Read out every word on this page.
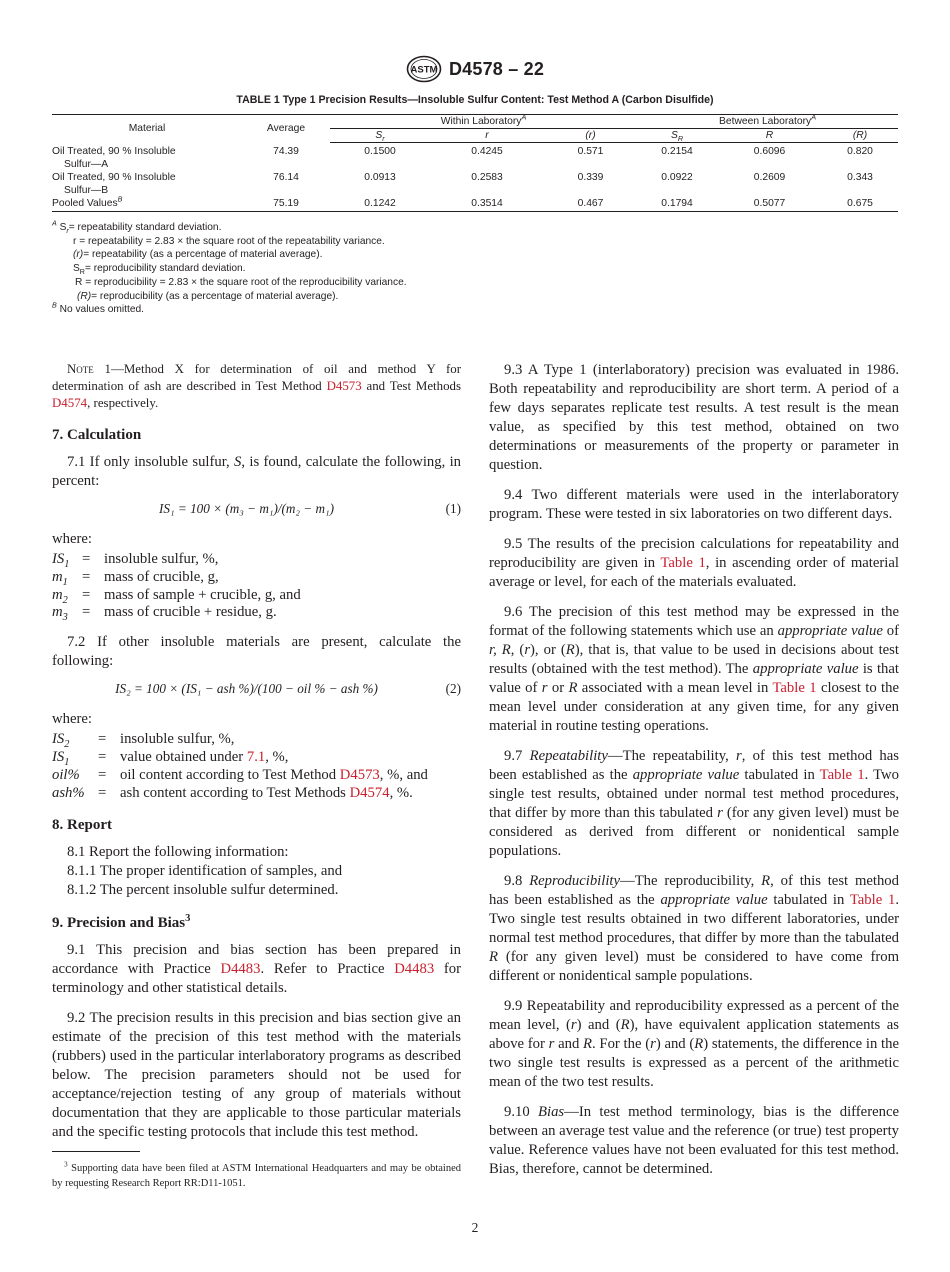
ASTM D4578 – 22
TABLE 1 Type 1 Precision Results—Insoluble Sulfur Content: Test Method A (Carbon Disulfide)
Material	Average	Within Laboratory$^A$			Between Laboratory$^A$
		$S_r$	r	(r)	$S_R$	R	(R)

Oil Treated, 90 % Insoluble
Sulfur—A	74.39	0.1500	0.4245	0.571	0.2154	0.6096	0.820

Oil Treated, 90 % Insoluble
Sulfur—B	76.14	0.0913	0.2583	0.339	0.0922	0.2609	0.343
Pooled Values$^B$	75.19	0.1242	0.3514	0.467	0.1794	0.5077	0.675
$^A$ $S_r=$ repeatability standard deviation.
r = repeatability = 2.83 × the square root of the repeatability variance.
(r)= repeatability (as a percentage of material average).
$S_R=$ reproducibility standard deviation.
R = reproducibility = 2.83 × the square root of the reproducibility variance.
(R)= reproducibility (as a percentage of material average).
$^B$ No values omitted.

Note 1—Method X for determination of oil and method Y for determination of ash are described in Test Method D4573 and Test Methods D4574, respectively.

7. Calculation

7.1 If only insoluble sulfur, S, is found, calculate the following, in percent:

IS₁ = 100 × (m₃ − m₁)/(m₂ − m₁)	(1)
where:
$IS_1$ = insoluble sulfur, %,
$m_1$ = mass of crucible, g,
$m_2$ = mass of sample + crucible, g, and
$m_3$ = mass of crucible + residue, g.

7.2 If other insoluble materials are present, calculate the following:

IS₂ = 100 × (IS₁ − ash %)/(100 − oil % − ash %)	(2)
where:
$IS_2$	= insoluble sulfur, %,
$IS_1$	= value obtained under 7.1, %,
oil%	= oil content according to Test Method D4573, %, and
ash% = ash content according to Test Methods D4574, %.
8. Report

8.1 Report the following information:

8.1.1 The proper identification of samples, and

8.1.2 The percent insoluble sulfur determined.

9. Precision and Bias$^3$

9.1 This precision and bias section has been prepared in accordance with Practice D4483. Refer to Practice D4483 for terminology and other statistical details.

9.2 The precision results in this precision and bias section give an estimate of the precision of this test method with the materials (rubbers) used in the particular interlaboratory programs as described below. The precision parameters should not be used for acceptance/rejection testing of any group of materials without documentation that they are applicable to those particular materials and the specific testing protocols that include this test method.

9.3 A Type 1 (interlaboratory) precision was evaluated in 1986. Both repeatability and reproducibility are short term. A period of a few days separates replicate test results. A test result is the mean value, as specified by this test method, obtained on two determinations or measurements of the property or parameter in question.

9.4 Two different materials were used in the interlaboratory program. These were tested in six laboratories on two different days.

9.5 The results of the precision calculations for repeatability and reproducibility are given in Table 1, in ascending order of material average or level, for each of the materials evaluated.

9.6 The precision of this test method may be expressed in the format of the following statements which use an appropriate value of r, R, (r), or (R), that is, that value to be used in decisions about test results (obtained with the test method). The appropriate value is that value of r or R associated with a mean level in Table 1 closest to the mean level under consideration at any given time, for any given material in routine testing operations.

9.7 Repeatability—The repeatability, r, of this test method has been established as the appropriate value tabulated in Table 1. Two single test results, obtained under normal test method procedures, that differ by more than this tabulated r (for any given level) must be considered as derived from different or nonidentical sample populations.

9.8 Reproducibility—The reproducibility, R, of this test method has been established as the appropriate value tabulated in Table 1. Two single test results obtained in two different laboratories, under normal test method procedures, that differ by more than the tabulated R (for any given level) must be considered to have come from different or nonidentical sample populations.

9.9 Repeatability and reproducibility expressed as a percent of the mean level, (r) and (R), have equivalent application statements as above for r and R. For the (r) and (R) statements, the difference in the two single test results is expressed as a percent of the arithmetic mean of the two test results.

9.10 Bias—In test method terminology, bias is the difference between an average test value and the reference (or true) test property value. Reference values have not been evaluated for this test method. Bias, therefore, cannot be determined.

$^3$ Supporting data have been filed at ASTM International Headquarters and may be obtained by requesting Research Report RR:D11-1051.
2
